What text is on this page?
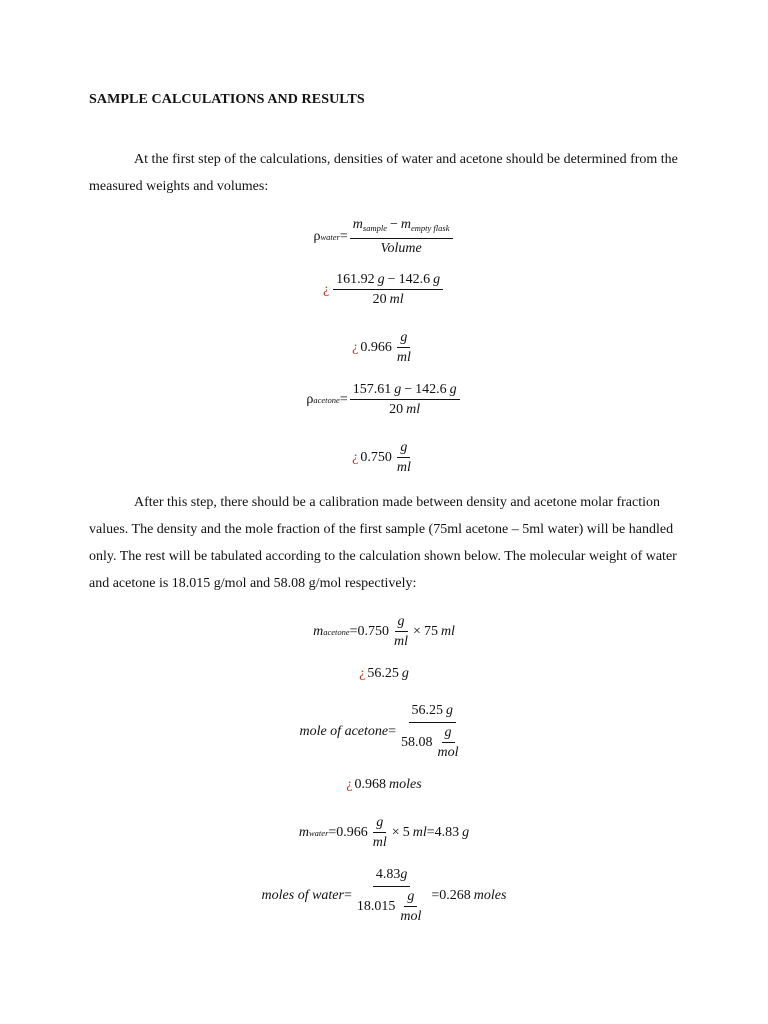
SAMPLE CALCULATIONS AND RESULTS

At the first step of the calculations, densities of water and acetone should be determined from the measured weights and volumes:

ρ water = $\frac{m_{sample} - m_{empty flask}}{\text{Volume}}$
¿ $\frac{161.92 g - 142.6 g}{20 ml}$
¿ $0.966 \frac{g}{ml}$
ρ acetone = $\frac{157.61 g - 142.6 g}{20 ml}$
¿ $0.750 \frac{g}{ml}$

After this step, there should be a calibration made between density and acetone molar fraction values. The density and the mole fraction of the first sample (75ml acetone – 5ml water) will be handled only. The rest will be tabulated according to the calculation shown below. The molecular weight of water and acetone is 18.015 g/mol and 58.08 g/mol respectively:

m acetone = $0.750 \frac{g}{ml} \times 75$ ml
¿ 56.25 g
mole of acetone = $\frac{56.25 g}{58.08 \frac{g}{\text{mol}}}$
¿ 0.968 moles
m water = $0.966 \frac{g}{ml} \times 5$ ml = 4.83 g
moles of water = $\frac{4.83g}{18.015 \frac{g}{\text{mol}}} = 0.268$ moles
